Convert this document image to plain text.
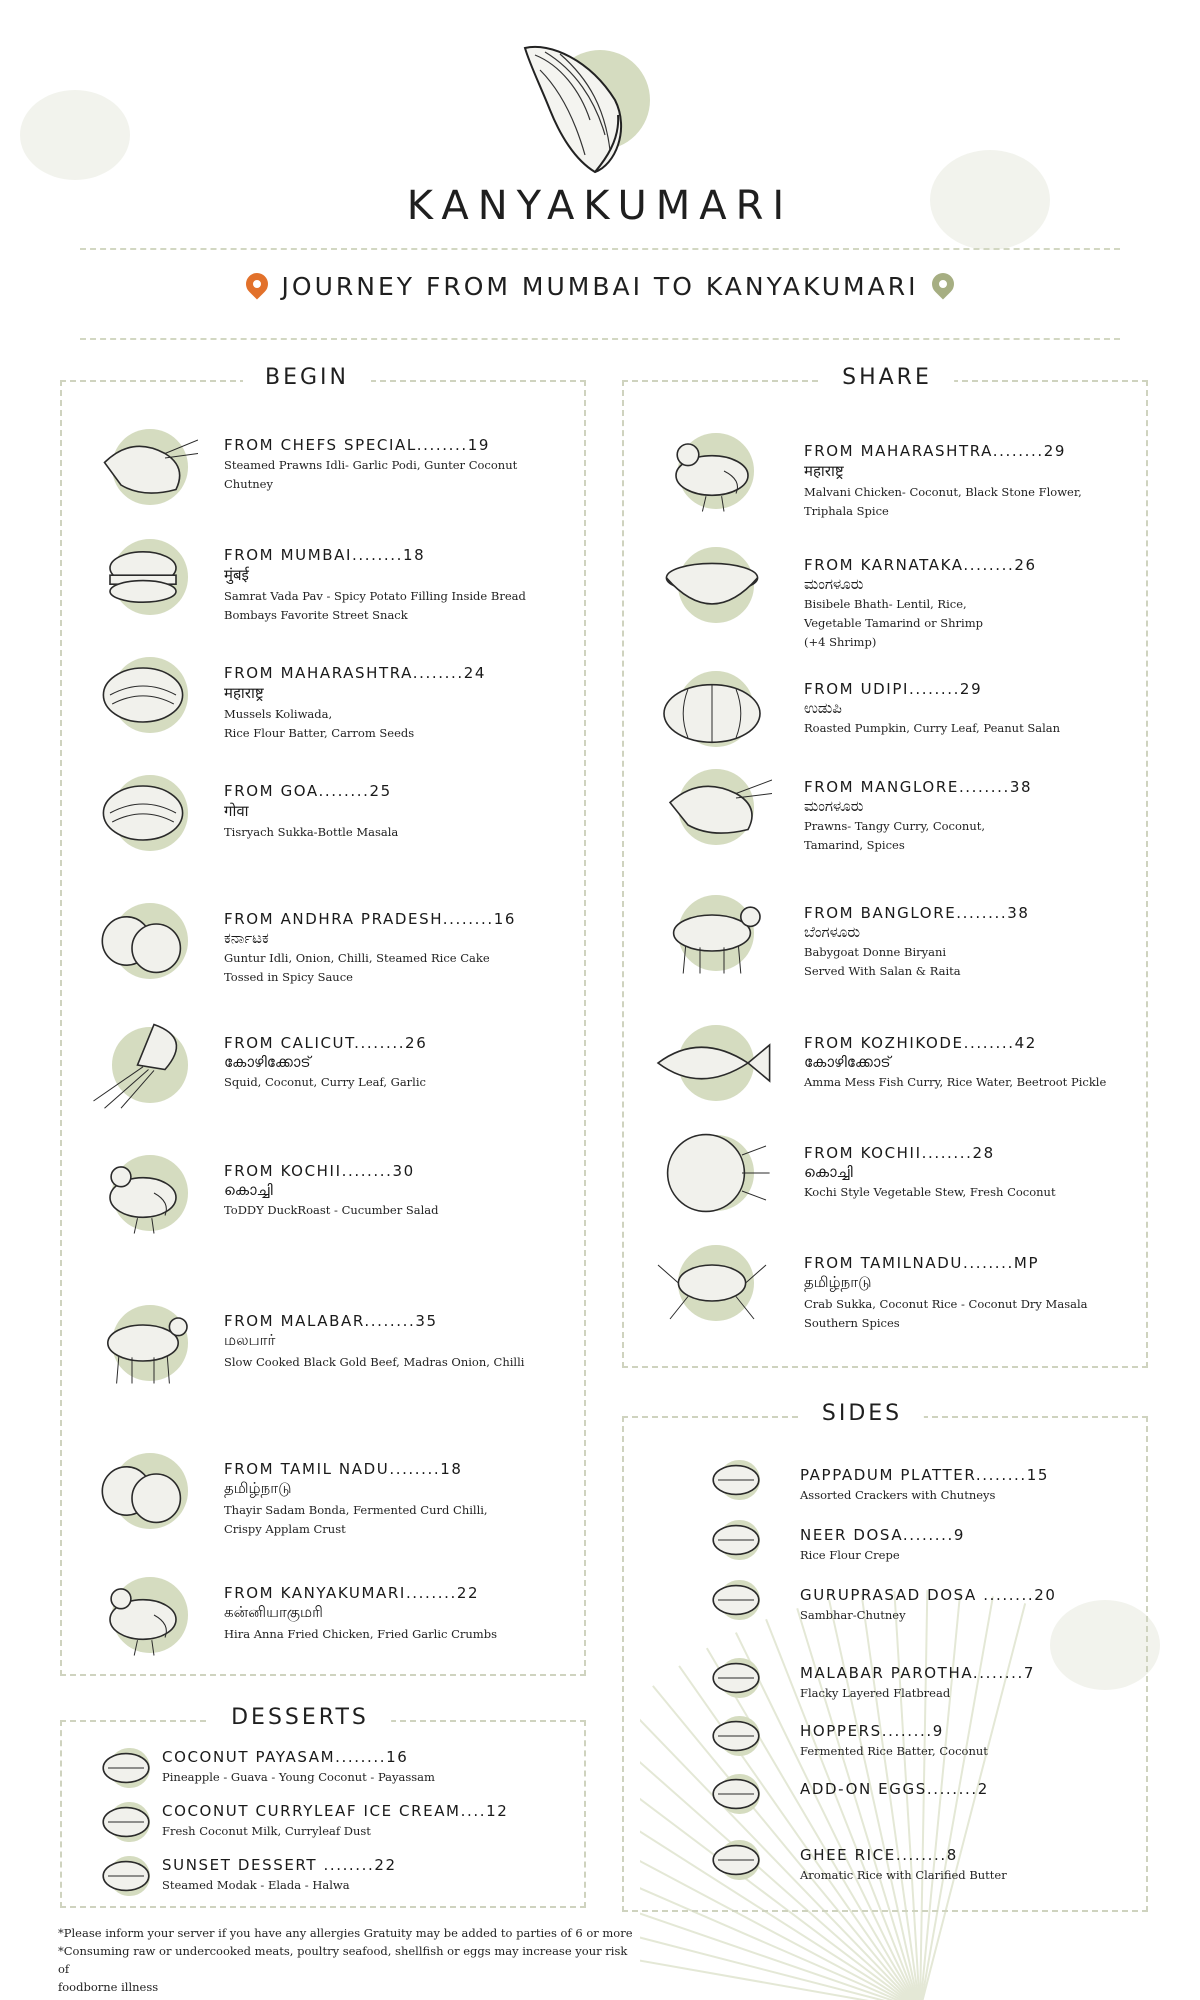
KANYAKUMARI
JOURNEY FROM MUMBAI TO KANYAKUMARI
BEGIN	SHARE
SIDES
DESSERTS
FROM CHEFS SPECIAL........19
Steamed Prawns Idli- Garlic Podi, Gunter Coconut
Chutney
FROM MUMBAI........18
मुंबई
Samrat Vada Pav - Spicy Potato Filling Inside Bread
Bombays Favorite Street Snack
FROM MAHARASHTRA........24
महाराष्ट्र
Mussels Koliwada,
Rice Flour Batter, Carrom Seeds
FROM GOA........25
गोवा
Tisryach Sukka-Bottle Masala
FROM ANDHRA PRADESH........16
ಕರ್ನಾಟಕ
Guntur Idli, Onion, Chilli, Steamed Rice Cake
Tossed in Spicy Sauce
FROM CALICUT........26
കോഴിക്കോട്
Squid, Coconut, Curry Leaf, Garlic
FROM KOCHII........30
കൊച്ചി
ToDDY DuckRoast - Cucumber Salad
FROM MALABAR........35
மலபார்
Slow Cooked Black Gold Beef, Madras Onion, Chilli
FROM TAMIL NADU........18
தமிழ்நாடு
Thayir Sadam Bonda, Fermented Curd Chilli,
Crispy Applam Crust
FROM KANYAKUMARI........22
கன்னியாகுமரி
Hira Anna Fried Chicken, Fried Garlic Crumbs
FROM MAHARASHTRA........29
महाराष्ट्र
Malvani Chicken- Coconut, Black Stone Flower,
Triphala Spice
FROM KARNATAKA........26
ಮಂಗಳೂರು
Bisibele Bhath- Lentil, Rice,
Vegetable Tamarind or Shrimp
(+4 Shrimp)
FROM UDIPI........29
ಉಡುಪಿ
Roasted Pumpkin, Curry Leaf, Peanut Salan
FROM MANGLORE........38
ಮಂಗಳೂರು
Prawns- Tangy Curry, Coconut,
Tamarind, Spices
FROM BANGLORE........38
ಬೆಂಗಳೂರು
Babygoat Donne Biryani
Served With Salan & Raita
FROM KOZHIKODE........42
കോഴിക്കോട്
Amma Mess Fish Curry, Rice Water, Beetroot Pickle
FROM KOCHII........28
കൊച്ചി
Kochi Style Vegetable Stew, Fresh Coconut
FROM TAMILNADU........MP
தமிழ்நாடு
Crab Sukka, Coconut Rice - Coconut Dry Masala
Southern Spices
PAPPADUM PLATTER........15
Assorted Crackers with Chutneys
NEER DOSA........9
Rice Flour Crepe
GURUPRASAD DOSA ........20
Sambhar-Chutney
MALABAR PAROTHA........7
Flacky Layered Flatbread
HOPPERS........9
Fermented Rice Batter, Coconut
ADD-ON EGGS........2
GHEE RICE........8
Aromatic Rice with Clarified Butter
COCONUT PAYASAM........16
Pineapple - Guava - Young Coconut - Payassam
COCONUT CURRYLEAF ICE CREAM....12
Fresh Coconut Milk, Curryleaf Dust
SUNSET DESSERT ........22
Steamed Modak - Elada - Halwa
*Please inform your server if you have any allergies Gratuity may be added to parties of 6 or more
*Consuming raw or undercooked meats, poultry seafood, shellfish or eggs may increase your risk of
foodborne illness
